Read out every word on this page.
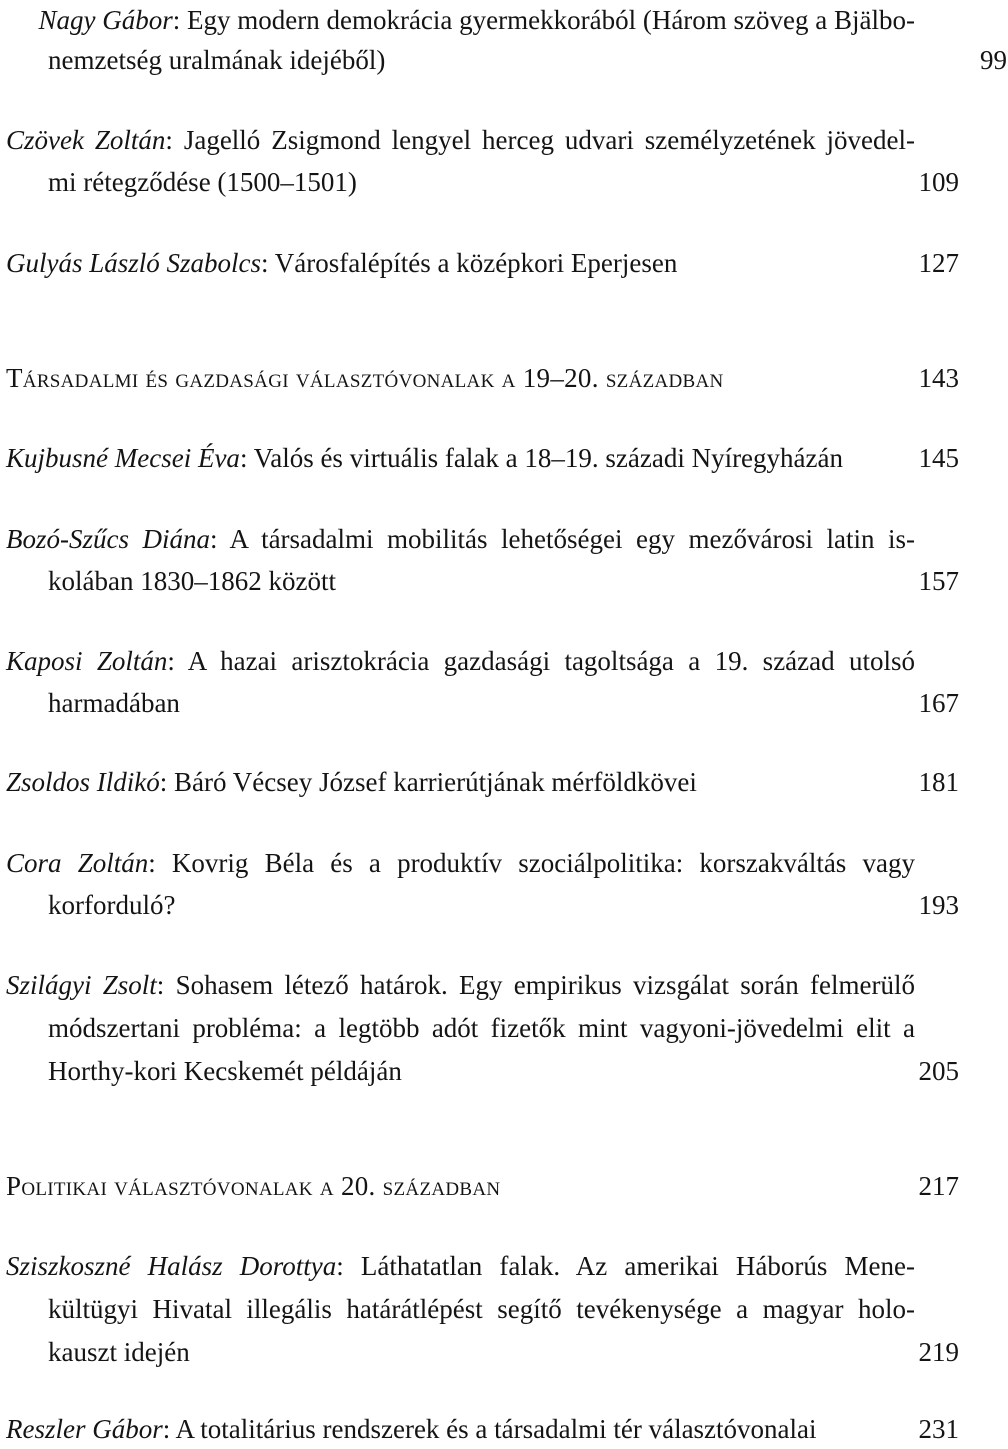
Nagy Gábor: Egy modern demokrácia gyermekkorából (Három szöveg a Bjälbo-
nemzetség uralmának idejéből)	99
Czövek Zoltán: Jagelló Zsigmond lengyel herceg udvari személyzetének jövedel-
mi rétegződése (1500–1501)	109
Gulyás László Szabolcs: Városfalépítés a középkori Eperjesen	127
Társadalmi és gazdasági választóvonalak a 19–20. században	143
Kujbusné Mecsei Éva: Valós és virtuális falak a 18–19. századi Nyíregyházán	145
Bozó-Szűcs Diána: A társadalmi mobilitás lehetőségei egy mezővárosi latin is-
kolában 1830–1862 között	157
Kaposi Zoltán: A hazai arisztokrácia gazdasági tagoltsága a 19. század utolsó
harmadában	167
Zsoldos Ildikó: Báró Vécsey József karrierútjának mérföldkövei	181
Cora Zoltán: Kovrig Béla és a produktív szociálpolitika: korszakváltás vagy
korforduló?	193
Szilágyi Zsolt: Sohasem létező határok. Egy empirikus vizsgálat során felmerülő
módszertani probléma: a legtöbb adót fizetők mint vagyoni-jövedelmi elit a
Horthy-kori Kecskemét példáján	205
Politikai választóvonalak a 20. században	217
Sziszkoszné Halász Dorottya: Láthatatlan falak. Az amerikai Háborús Mene-
kültügyi Hivatal illegális határátlépést segítő tevékenysége a magyar holo-
kauszt idején	219
Reszler Gábor: A totalitárius rendszerek és a társadalmi tér választóvonalai	231
